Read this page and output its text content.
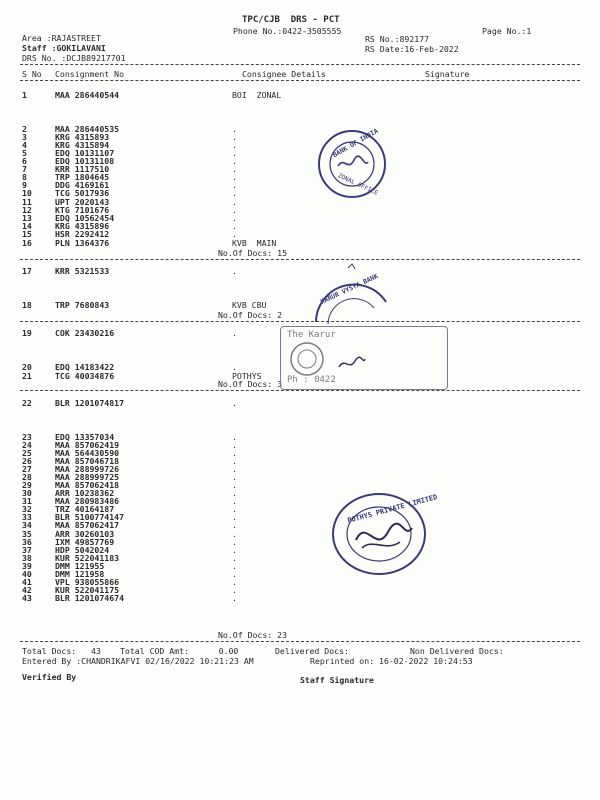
TPC/CJB  DRS - PCT
Phone No.:0422-3505555	Page No.:1
Area :RAJASTREET
Staff :GOKILAVANI
DRS No. :DCJB89217701
RS No.:892177
RS Date:16-Feb-2022
S No Consignment No	Consignee Details	Signature
1	MAA 286440544	BOI  ZONAL
2	MAA 286440535	.
3	KRG 4315893	.
4	KRG 4315894	.
5	EDQ 10131107	.
6	EDQ 10131108	.
7	KRR 1117510	.
8	TRP 1804645	.
9	DDG 4169161	.
10	TCG 5017936	.
11	UPT 2020143	.
12	KTG 7101676	.
13	EDQ 10562454	.
14	KRG 4315896	.
15	HSR 2292412	.
16	PLN 1364376	KVB  MAIN
17	KRR 5321533	.
18	TRP 7680843	KVB CBU
19	COK 23430216	.
20	EDQ 14183422	.
21	TCG 40034876	POTHYS
22	BLR 1201074817	.
23	EDQ 13357034	.
24	MAA 857062419	.
25	MAA 564430590	.
26	MAA 857046718	.
27	MAA 288999726	.
28	MAA 288999725	.
29	MAA 857062418	.
30	ARR 10238362	.
31	MAA 280983486	.
32	TRZ 40164187	.
33	BLR 5100774147	.
34	MAA 857062417	.
35	ARR 30260103	.
36	IXM 49857769	.
37	HDP 5042024	.
38	KUR 522041183	.
39	DMM 121955	.
40	DMM 121958	.
41	VPL 938055866	.
42	KUR 522041175	.
43	BLR 1201074674	.
No.Of Docs: 15
No.Of Docs: 2
No.Of Docs: 3
No.Of Docs: 23
Total Docs:   43 Total COD Amt:      0.00	Delivered Docs:	Non Delivered Docs:
Entered By :CHANDRIKAFVI 02/16/2022 10:21:23 AM	Reprinted on: 16-02-2022 10:24:53
Verified By	Staff Signature
BANK OF INDIA
ZONAL OFFICE
KARUR VYSYA BANK
The Karur
Ph : 0422
POTHYS PRIVATE LIMITED
